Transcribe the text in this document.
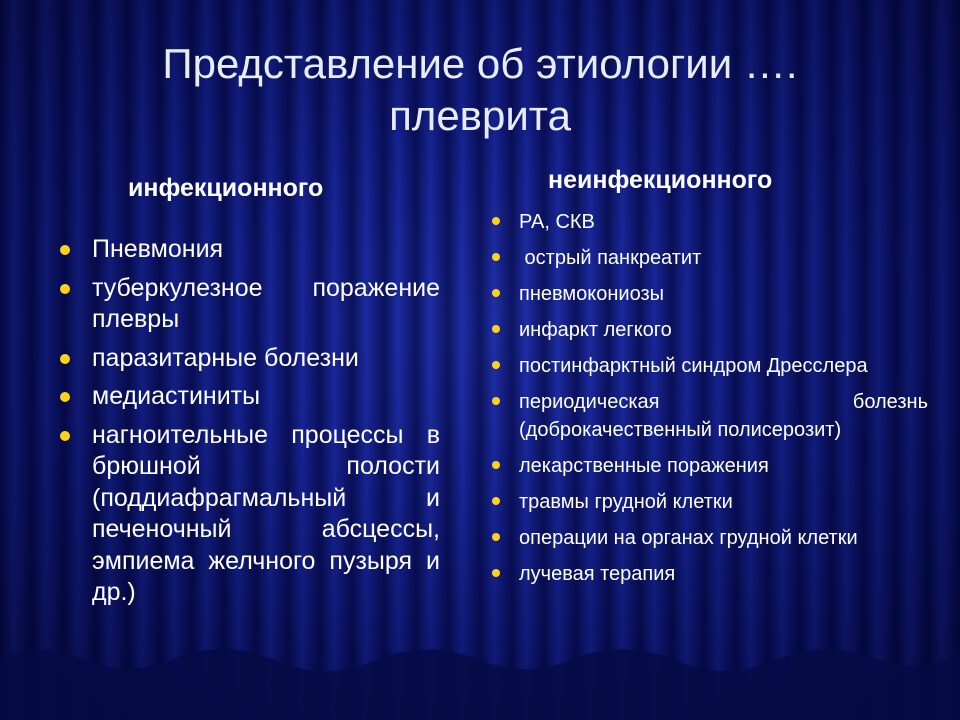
Представление об этиологии ….
плеврита
инфекционного	неинфекционного
Пневмония
туберкулезное поражение плевры
паразитарные болезни
медиастиниты
нагноительные процессы в брюшной полости (поддиафрагмальный и печеночный абсцессы, эмпиема желчного пузыря и др.)
РА, СКВ
острый панкреатит
пневмокониозы
инфаркт легкого
постинфарктный синдром Дресслера
периодическая болезнь (доброкачественный полисерозит)
лекарственные поражения
травмы грудной клетки
операции на органах грудной клетки
лучевая терапия
